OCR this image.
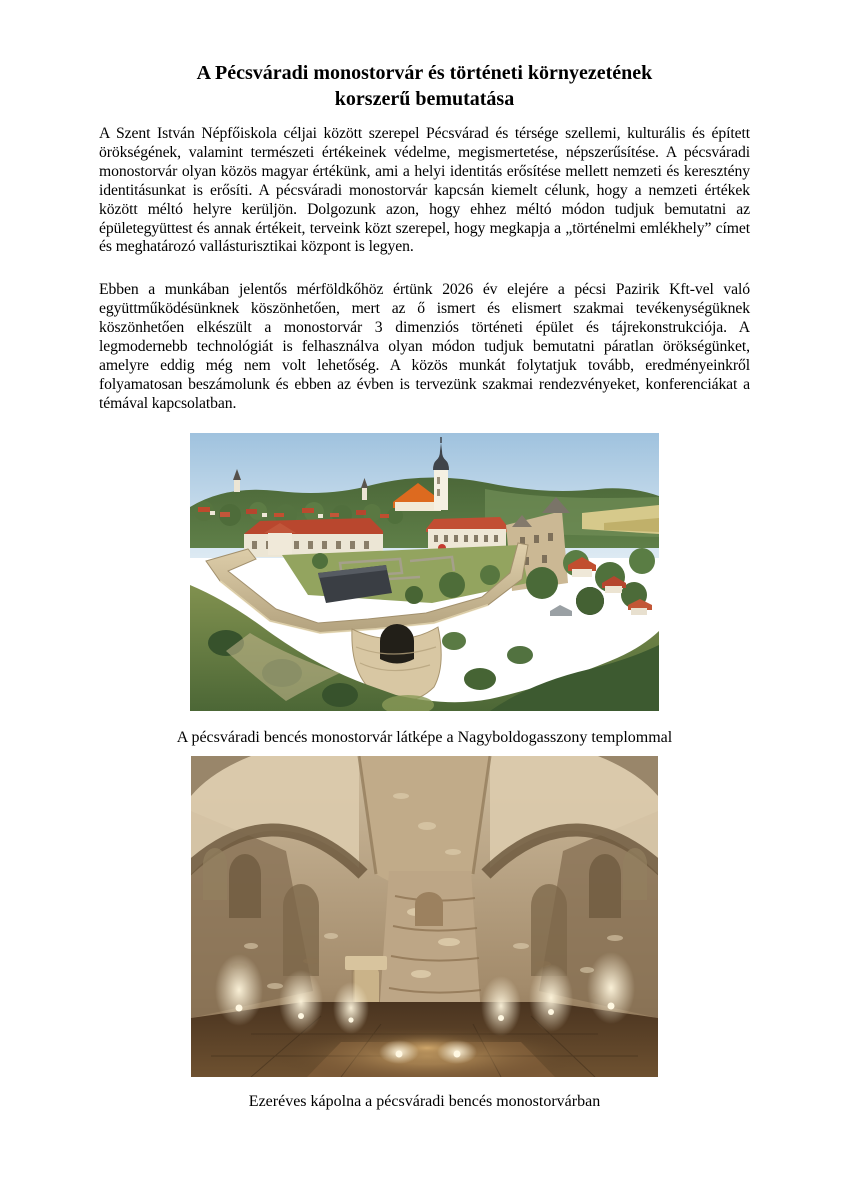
A Pécsváradi monostorvár és történeti környezetének
korszerű bemutatása

A Szent István Népfőiskola céljai között szerepel Pécsvárad és térsége szellemi, kulturális és épített örökségének, valamint természeti értékeinek védelme, megismertetése, népszerűsítése. A pécsváradi monostorvár olyan közös magyar értékünk, ami a helyi identitás erősítése mellett nemzeti és keresztény identitásunkat is erősíti. A pécsváradi monostorvár kapcsán kiemelt célunk, hogy a nemzeti értékek között méltó helyre kerüljön. Dolgozunk azon, hogy ehhez méltó módon tudjuk bemutatni az épületegyüttest és annak értékeit, terveink közt szerepel, hogy megkapja a „történelmi emlékhely” címet és meghatározó vallásturisztikai központ is legyen.

Ebben a munkában jelentős mérföldkőhöz értünk 2026 év elejére a pécsi Pazirik Kft-vel való együttműködésünknek köszönhetően, mert az ő ismert és elismert szakmai tevékenységüknek köszönhetően elkészült a monostorvár 3 dimenziós történeti épület és tájrekonstrukciója. A legmodernebb technológiát is felhasználva olyan módon tudjuk bemutatni páratlan örökségünket, amelyre eddig még nem volt lehetőség. A közös munkát folytatjuk tovább, eredményeinkről folyamatosan beszámolunk és ebben az évben is tervezünk szakmai rendezvényeket, konferenciákat a témával kapcsolatban.

A pécsváradi bencés monostorvár látképe a Nagyboldogasszony templommal
Ezeréves kápolna a pécsváradi bencés monostorvárban
